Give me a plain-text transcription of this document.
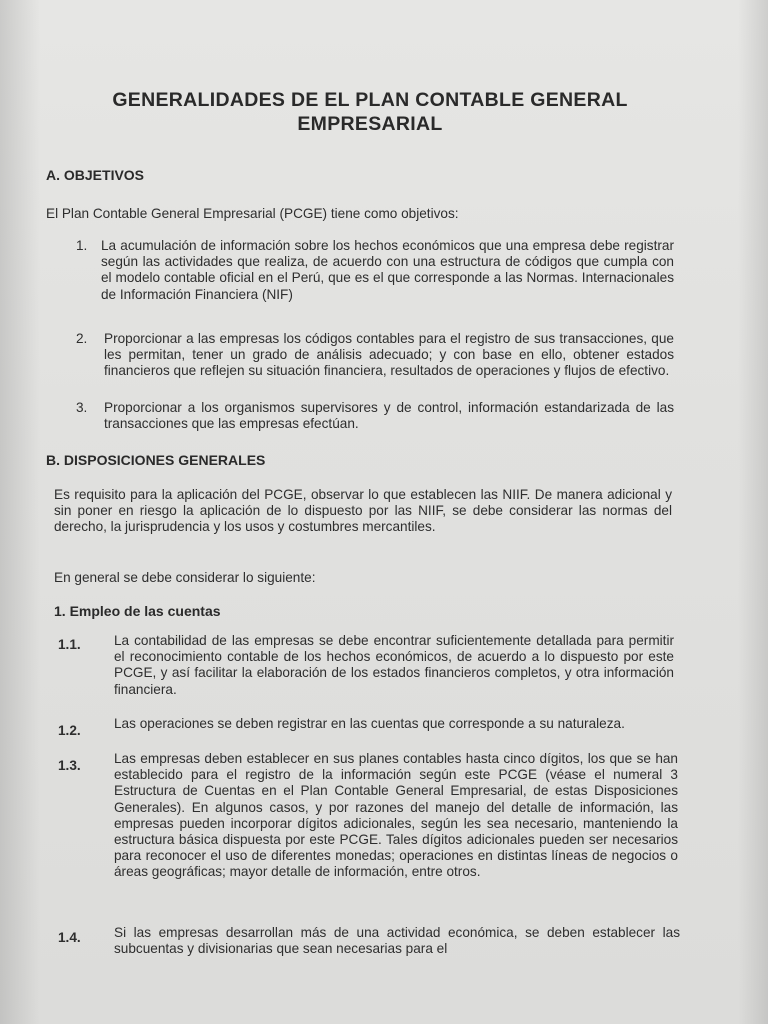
GENERALIDADES DE EL PLAN CONTABLE GENERAL
EMPRESARIAL
A. OBJETIVOS

El Plan Contable General Empresarial (PCGE) tiene como objetivos:

1. La acumulación de información sobre los hechos económicos que una empresa debe registrar según las actividades que realiza, de acuerdo con una estructura de códigos que cumpla con el modelo contable oficial en el Perú, que es el que corresponde a las Normas. Internacionales de Información Financiera (NIF)

2. Proporcionar a las empresas los códigos contables para el registro de sus transacciones, que les permitan, tener un grado de análisis adecuado; y con base en ello, obtener estados financieros que reflejen su situación financiera, resultados de operaciones y flujos de efectivo.

3. Proporcionar a los organismos supervisores y de control, información estandarizada de las transacciones que las empresas efectúan.

B. DISPOSICIONES GENERALES

Es requisito para la aplicación del PCGE, observar lo que establecen las NIIF. De manera adicional y sin poner en riesgo la aplicación de lo dispuesto por las NIIF, se debe considerar las normas del derecho, la jurisprudencia y los usos y costumbres mercantiles.

En general se debe considerar lo siguiente:

1. Empleo de las cuentas
1.1. La contabilidad de las empresas se debe encontrar suficientemente detallada para permitir el reconocimiento contable de los hechos económicos, de acuerdo a lo dispuesto por este PCGE, y así facilitar la elaboración de los estados financieros completos, y otra información financiera.

1.2. Las operaciones se deben registrar en las cuentas que corresponde a su naturaleza.

1.3. Las empresas deben establecer en sus planes contables hasta cinco dígitos, los que se han establecido para el registro de la información según este PCGE (véase el numeral 3 Estructura de Cuentas en el Plan Contable General Empresarial, de estas Disposiciones Generales). En algunos casos, y por razones del manejo del detalle de información, las empresas pueden incorporar dígitos adicionales, según les sea necesario, manteniendo la estructura básica dispuesta por este PCGE. Tales dígitos adicionales pueden ser necesarios para reconocer el uso de diferentes monedas; operaciones en distintas líneas de negocios o áreas geográficas; mayor detalle de información, entre otros.

1.4. Si las empresas desarrollan más de una actividad económica, se deben establecer las subcuentas y divisionarias que sean necesarias para el
